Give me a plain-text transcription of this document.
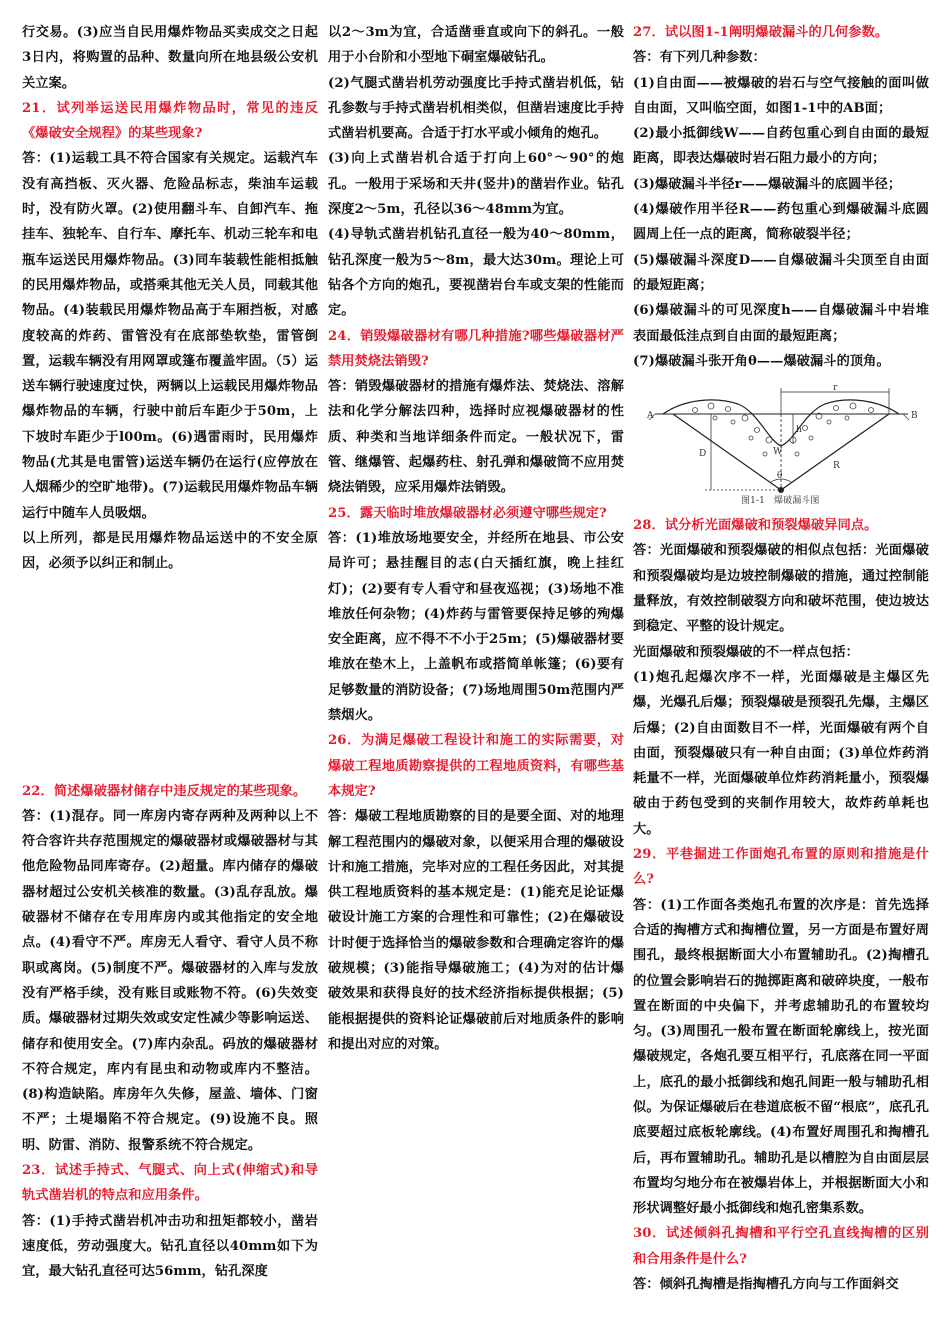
行交易。(3)应当自民用爆炸物品买卖成交之日起3日内，将购置的品种、数量向所在地县级公安机关立案。

21．试列举运送民用爆炸物品时，常见的违反《爆破安全规程》的某些现象?

答：(1)运载工具不符合国家有关规定。运载汽车没有高挡板、灭火器、危险品标志，柴油车运载时，没有防火罩。(2)使用翻斗车、自卸汽车、拖挂车、独轮车、自行车、摩托车、机动三轮车和电瓶车运送民用爆炸物品。(3)同车装载性能相抵触的民用爆炸物品，或搭乘其他无关人员，同载其他物品。(4)装载民用爆炸物品高于车厢挡板，对感度较高的炸药、雷管没有在底部垫软垫，雷管倒置，运载车辆没有用网罩或篷布覆盖牢固。（5）运送车辆行驶速度过快，两辆以上运载民用爆炸物品爆炸物品的车辆，行驶中前后车距少于50m，上下坡时车距少于l00m。(6)遇雷雨时，民用爆炸物品(尤其是电雷管)运送车辆仍在运行(应停放在人烟稀少的空旷地带)。(7)运载民用爆炸物品车辆运行中随车人员吸烟。

以上所列，都是民用爆炸物品运送中的不安全原因，必须予以纠正和制止。

22．简述爆破器材储存中违反规定的某些现象。

答：(1)混存。同一库房内寄存两种及两种以上不符合容许共存范围规定的爆破器材或爆破器材与其他危险物品同库寄存。(2)超量。库内储存的爆破器材超过公安机关核准的数量。(3)乱存乱放。爆破器材不储存在专用库房内或其他指定的安全地点。(4)看守不严。库房无人看守、看守人员不称职或离岗。(5)制度不严。爆破器材的入库与发放没有严格手续，没有账目或账物不符。(6)失效变质。爆破器材过期失效或安定性减少等影响运送、储存和使用安全。(7)库内杂乱。码放的爆破器材不符合规定，库内有昆虫和动物或库内不整洁。(8)构造缺陷。库房年久失修，屋盖、墙体、门窗不严；土堤塌陷不符合规定。(9)设施不良。照明、防雷、消防、报警系统不符合规定。

23．试述手持式、气腿式、向上式(伸缩式)和导轨式凿岩机的特点和应用条件。

答：(1)手持式凿岩机冲击功和扭矩都较小，凿岩速度低，劳动强度大。钻孔直径以40mm如下为宜，最大钻孔直径可达56mm，钻孔深度

以2～3m为宜，合适凿垂直或向下的斜孔。一般用于小台阶和小型地下硐室爆破钻孔。

(2)气腿式凿岩机劳动强度比手持式凿岩机低，钻孔参数与手持式凿岩机相类似，但凿岩速度比手持式凿岩机要高。合适于打水平或小倾角的炮孔。

(3)向上式凿岩机合适于打向上60°～90°的炮孔。一般用于采场和天井(竖井)的凿岩作业。钻孔深度2～5m，孔径以36～48mm为宜。

(4)导轨式凿岩机钻孔直径一般为40～80mm，钻孔深度一般为5～8m，最大达30m。理论上可钻各个方向的炮孔，要视凿岩台车或支架的性能而定。

24．销毁爆破器材有哪几种措施?哪些爆破器材严禁用焚烧法销毁?

答：销毁爆破器材的措施有爆炸法、焚烧法、溶解法和化学分解法四种，选择时应视爆破器材的性质、种类和当地详细条件而定。一般状况下，雷管、继爆管、起爆药柱、射孔弹和爆破筒不应用焚烧法销毁，应采用爆炸法销毁。

25．露天临时堆放爆破器材必须遵守哪些规定?

答：(1)堆放场地要安全，并经所在地县、市公安局许可；悬挂醒目的志(白天插红旗，晚上挂红灯)；(2)要有专人看守和昼夜巡视；(3)场地不准堆放任何杂物；(4)炸药与雷管要保持足够的殉爆安全距离，应不得不不小于25m；(5)爆破器材要堆放在垫木上，上盖帆布或搭简单帐篷；(6)要有足够数量的消防设备；(7)场地周围50m范围内严禁烟火。

26．为满足爆破工程设计和施工的实际需要，对爆破工程地质勘察提供的工程地质资料，有哪些基本规定?

答：爆破工程地质勘察的目的是要全面、对的地理解工程范围内的爆破对象，以便采用合理的爆破设计和施工措施，完毕对应的工程任务因此，对其提供工程地质资料的基本规定是：(1)能充足论证爆破设计施工方案的合理性和可靠性；(2)在爆破设计时便于选择恰当的爆破参数和合理确定容许的爆破规模；(3)能指导爆破施工；(4)为对的估计爆破效果和获得良好的技术经济指标提供根据；(5)能根据提供的资料论证爆破前后对地质条件的影响和提出对应的对策。

27．试以图1-1阐明爆破漏斗的几何参数。

答：有下列几种参数：

(1)自由面——被爆破的岩石与空气接触的面叫做自由面，又叫临空面，如图1-1中的AB面；

(2)最小抵御线W——自药包重心到自由面的最短距离，即表达爆破时岩石阻力最小的方向；

(3)爆破漏斗半径r——爆破漏斗的底圆半径；

(4)爆破作用半径R——药包重心到爆破漏斗底圆圆周上任一点的距离，简称破裂半径；

(5)爆破漏斗深度D——自爆破漏斗尖顶至自由面的最短距离；

(6)爆破漏斗的可见深度h——自爆破漏斗中岩堆表面最低洼点到自由面的最短距离；

(7)爆破漏斗张开角θ——爆破漏斗的顶角。

A	B
D	W
h
r
R
θ
图1-1　爆破漏斗图

28．试分析光面爆破和预裂爆破异同点。

答：光面爆破和预裂爆破的相似点包括：光面爆破和预裂爆破均是边坡控制爆破的措施，通过控制能量释放，有效控制破裂方向和破坏范围，使边坡达到稳定、平整的设计规定。

光面爆破和预裂爆破的不一样点包括：

(1)炮孔起爆次序不一样，光面爆破是主爆区先爆，光爆孔后爆；预裂爆破是预裂孔先爆，主爆区后爆；(2)自由面数目不一样，光面爆破有两个自由面，预裂爆破只有一种自由面；(3)单位炸药消耗量不一样，光面爆破单位炸药消耗量小，预裂爆破由于药包受到的夹制作用较大，故炸药单耗也大。

29．平巷掘进工作面炮孔布置的原则和措施是什么?

答：(1)工作面各类炮孔布置的次序是：首先选择合适的掏槽方式和掏槽位置，另一方面是布置好周围孔，最终根据断面大小布置辅助孔。(2)掏槽孔的位置会影响岩石的抛掷距离和破碎块度，一般布置在断面的中央偏下，并考虑辅助孔的布置较均匀。(3)周围孔一般布置在断面轮廓线上，按光面爆破规定，各炮孔要互相平行，孔底落在同一平面上，底孔的最小抵御线和炮孔间距一般与辅助孔相似。为保证爆破后在巷道底板不留“根底”，底孔孔底要超过底板轮廓线。(4)布置好周围孔和掏槽孔后，再布置辅助孔。辅助孔是以槽腔为自由面层层布置均匀地分布在被爆岩体上，并根据断面大小和形状调整好最小抵御线和炮孔密集系数。

30．试述倾斜孔掏槽和平行空孔直线掏槽的区别和合用条件是什么?

答：倾斜孔掏槽是指掏槽孔方向与工作面斜交
